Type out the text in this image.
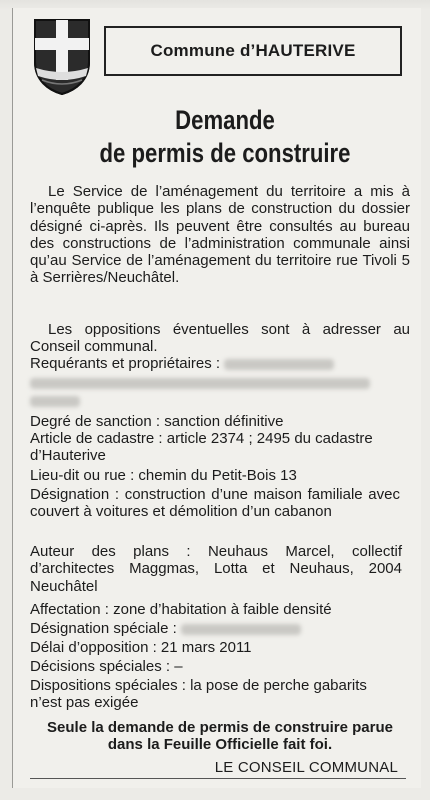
Commune d’HAUTERIVE
Demande
de permis de construire
Le Service de l’aménagement du territoire a mis à l’enquête publique les plans de construction du dossier désigné ci-après. Ils peuvent être consultés au bureau des constructions de l’administration communale ainsi qu’au Service de l’aménagement du territoire rue Tivoli 5 à Serrières/Neuchâtel.
Les oppositions éventuelles sont à adresser au Conseil communal.
Requérants et propriétaires :
Degré de sanction : sanction définitive
Article de cadastre : article 2374 ; 2495 du cadastre d’Hauterive
Lieu-dit ou rue : chemin du Petit-Bois 13
Désignation : construction d’une maison familiale avec couvert à voitures et démolition d’un cabanon
Auteur des plans : Neuhaus Marcel, collectif d’architectes Maggmas, Lotta et Neuhaus, 2004 Neuchâtel
Affectation : zone d’habitation à faible densité
Désignation spéciale :
Délai d’opposition : 21 mars 2011
Décisions spéciales : –
Dispositions spéciales : la pose de perche gabarits n’est pas exigée
Seule la demande de permis de construire parue dans la Feuille Officielle fait foi.
LE CONSEIL COMMUNAL
